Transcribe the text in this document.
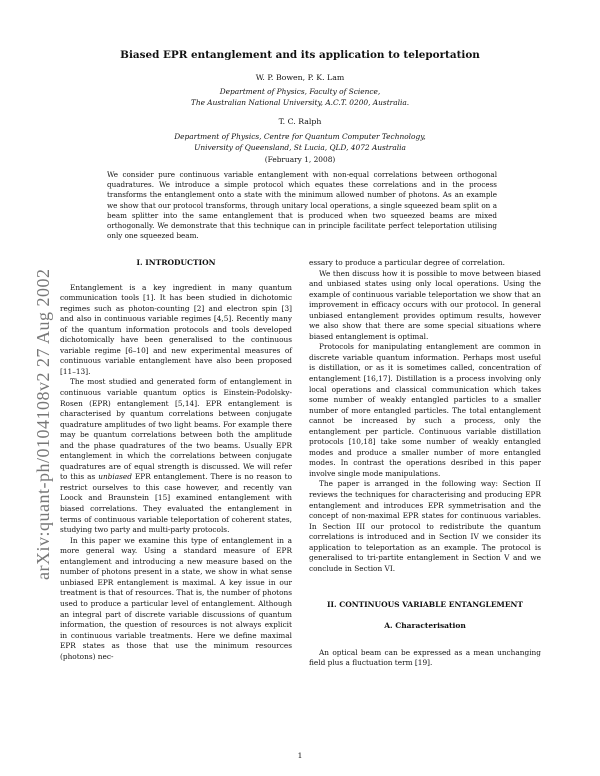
arXiv:quant-ph/0104108v2 27 Aug 2002
Biased EPR entanglement and its application to teleportation
W. P. Bowen, P. K. Lam
Department of Physics, Faculty of Science,
The Australian National University, A.C.T. 0200, Australia.
T. C. Ralph
Department of Physics, Centre for Quantum Computer Technology,
University of Queensland, St Lucia, QLD, 4072 Australia
(February 1, 2008)
We consider pure continuous variable entanglement with non-equal correlations between orthogonal quadratures. We introduce a simple protocol which equates these correlations and in the process transforms the entanglement onto a state with the minimum allowed number of photons. As an example we show that our protocol transforms, through unitary local operations, a single squeezed beam split on a beam splitter into the same entanglement that is produced when two squeezed beams are mixed orthogonally. We demonstrate that this technique can in principle facilitate perfect teleportation utilising only one squeezed beam.
I. INTRODUCTION

Entanglement is a key ingredient in many quantum communication tools [1]. It has been studied in dichotomic regimes such as photon-counting [2] and electron spin [3] and also in continuous variable regimes [4,5]. Recently many of the quantum information protocols and tools developed dichotomically have been generalised to the continuous variable regime [6–10] and new experimental measures of continuous variable entanglement have also been proposed [11–13].

The most studied and generated form of entanglement in continuous variable quantum optics is Einstein-Podolsky-Rosen (EPR) entanglement [5,14]. EPR entanglement is characterised by quantum correlations between conjugate quadrature amplitudes of two light beams. For example there may be quantum correlations between both the amplitude and the phase quadratures of the two beams. Usually EPR entanglement in which the correlations between conjugate quadratures are of equal strength is discussed. We will refer to this as unbiased EPR entanglement. There is no reason to restrict ourselves to this case however, and recently van Loock and Braunstein [15] examined entanglement with biased correlations. They evaluated the entanglement in terms of continuous variable teleportation of coherent states, studying two party and multi-party protocols.

In this paper we examine this type of entanglement in a more general way. Using a standard measure of EPR entanglement and introducing a new measure based on the number of photons present in a state, we show in what sense unbiased EPR entanglement is maximal. A key issue in our treatment is that of resources. That is, the number of photons used to produce a particular level of entanglement. Although an integral part of discrete variable discussions of quantum information, the question of resources is not always explicit in continuous variable treatments. Here we define maximal EPR states as those that use the minimum resources (photons) nec-

essary to produce a particular degree of correlation.

We then discuss how it is possible to move between biased and unbiased states using only local operations. Using the example of continuous variable teleportation we show that an improvement in efficacy occurs with our protocol. In general unbiased entanglement provides optimum results, however we also show that there are some special situations where biased entanglement is optimal.

Protocols for manipulating entanglement are common in discrete variable quantum information. Perhaps most useful is distillation, or as it is sometimes called, concentration of entanglement [16,17]. Distillation is a process involving only local operations and classical communication which takes some number of weakly entangled particles to a smaller number of more entangled particles. The total entanglement cannot be increased by such a process, only the entanglement per particle. Continuous variable distillation protocols [10,18] take some number of weakly entangled modes and produce a smaller number of more entangled modes. In contrast the operations desribed in this paper involve single mode manipulations.

The paper is arranged in the following way: Section II reviews the techniques for characterising and producing EPR entanglement and introduces EPR symmetrisation and the concept of non-maximal EPR states for continuous variables. In Section III our protocol to redistribute the quantum correlations is introduced and in Section IV we consider its application to teleportation as an example. The protocol is generalised to tri-partite entanglement in Section V and we conclude in Section VI.

II. CONTINUOUS VARIABLE ENTANGLEMENT
A. Characterisation

An optical beam can be expressed as a mean unchanging field plus a fluctuation term [19].

1
